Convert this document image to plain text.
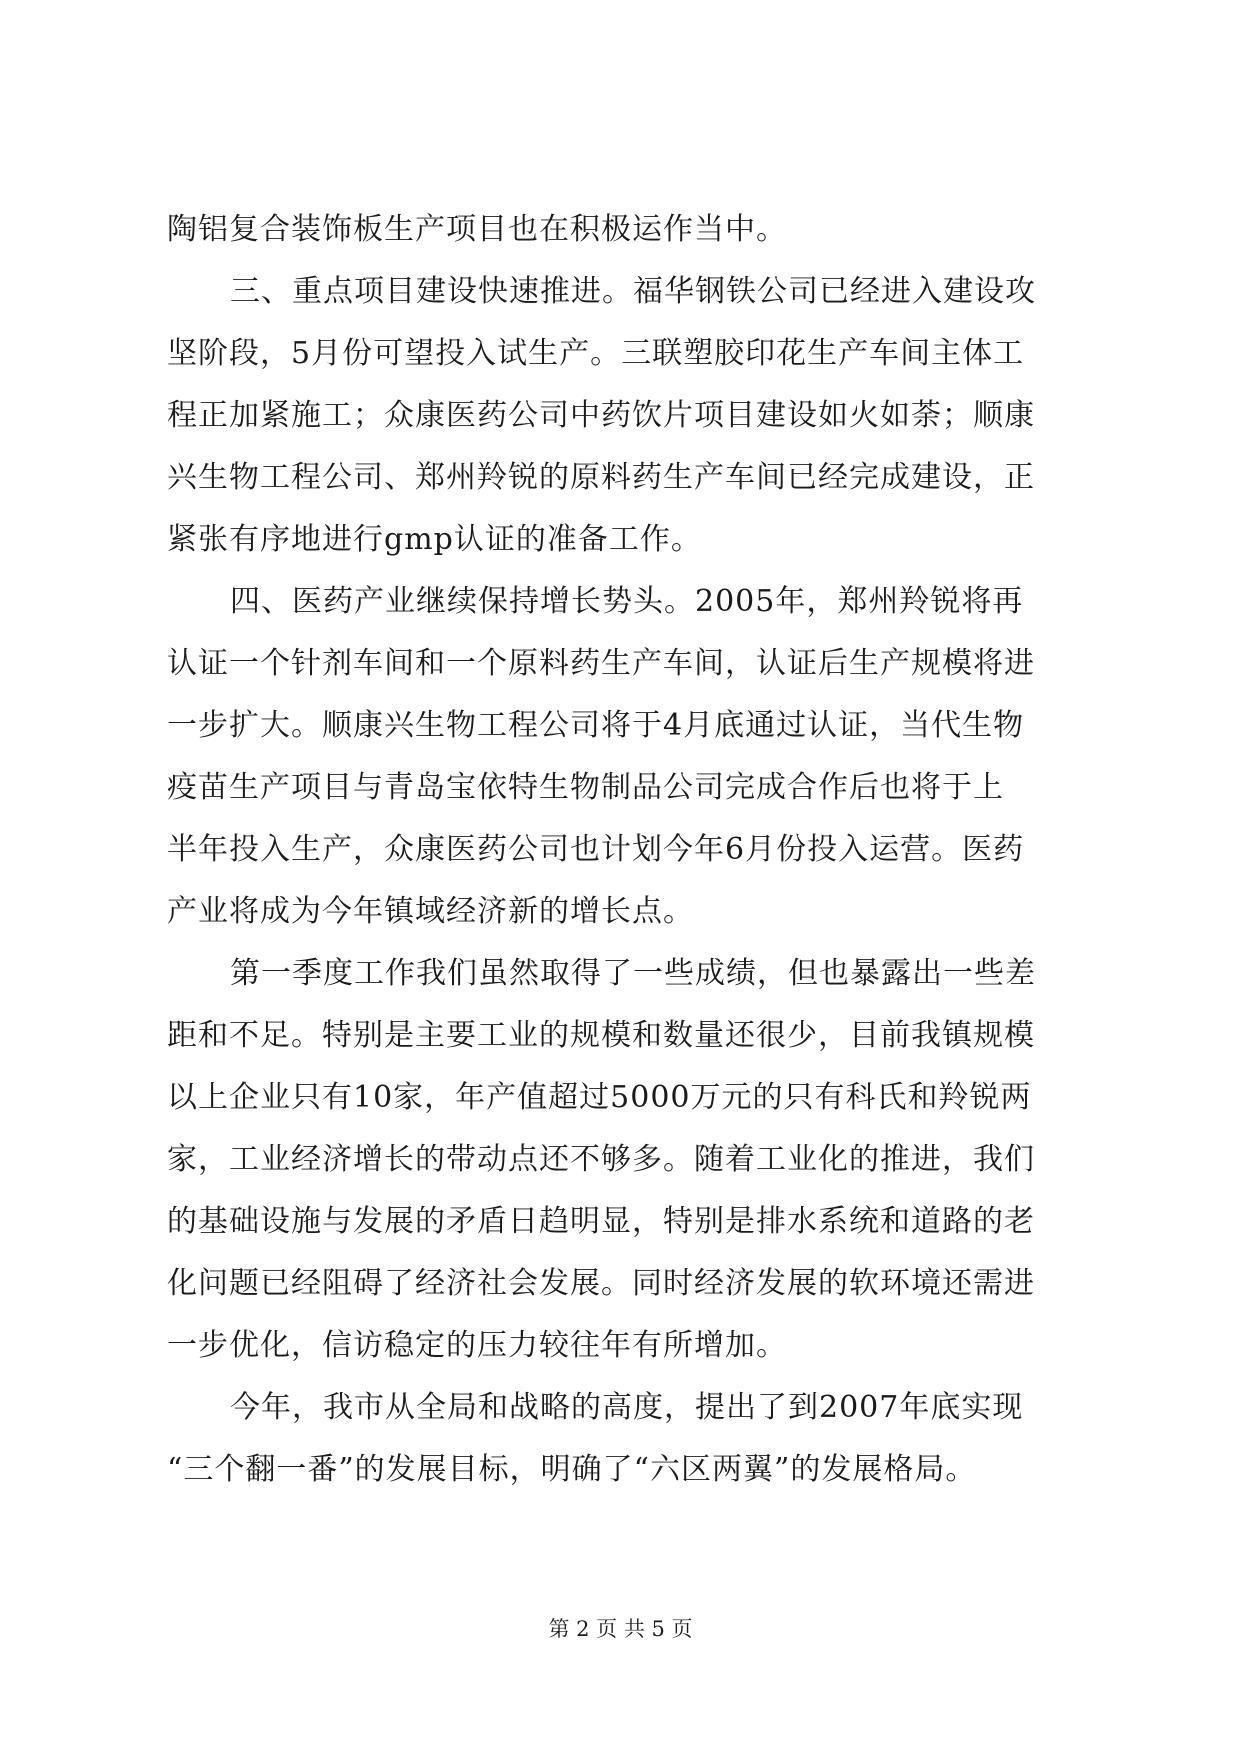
陶铝复合装饰板生产项目也在积极运作当中。
三、重点项目建设快速推进。福华钢铁公司已经进入建设攻
坚阶段，5月份可望投入试生产。三联塑胶印花生产车间主体工
程正加紧施工；众康医药公司中药饮片项目建设如火如荼；顺康
兴生物工程公司、郑州羚锐的原料药生产车间已经完成建设，正
紧张有序地进行gmp认证的准备工作。
四、医药产业继续保持增长势头。2005年，郑州羚锐将再
认证一个针剂车间和一个原料药生产车间，认证后生产规模将进
一步扩大。顺康兴生物工程公司将于4月底通过认证，当代生物
疫苗生产项目与青岛宝依特生物制品公司完成合作后也将于上
半年投入生产，众康医药公司也计划今年6月份投入运营。医药
产业将成为今年镇域经济新的增长点。
第一季度工作我们虽然取得了一些成绩，但也暴露出一些差
距和不足。特别是主要工业的规模和数量还很少，目前我镇规模
以上企业只有10家，年产值超过5000万元的只有科氏和羚锐两
家，工业经济增长的带动点还不够多。随着工业化的推进，我们
的基础设施与发展的矛盾日趋明显，特别是排水系统和道路的老
化问题已经阻碍了经济社会发展。同时经济发展的软环境还需进
一步优化，信访稳定的压力较往年有所增加。
今年，我市从全局和战略的高度，提出了到2007年底实现
“三个翻一番”的发展目标，明确了“六区两翼”的发展格局。
第 2 页 共 5 页
